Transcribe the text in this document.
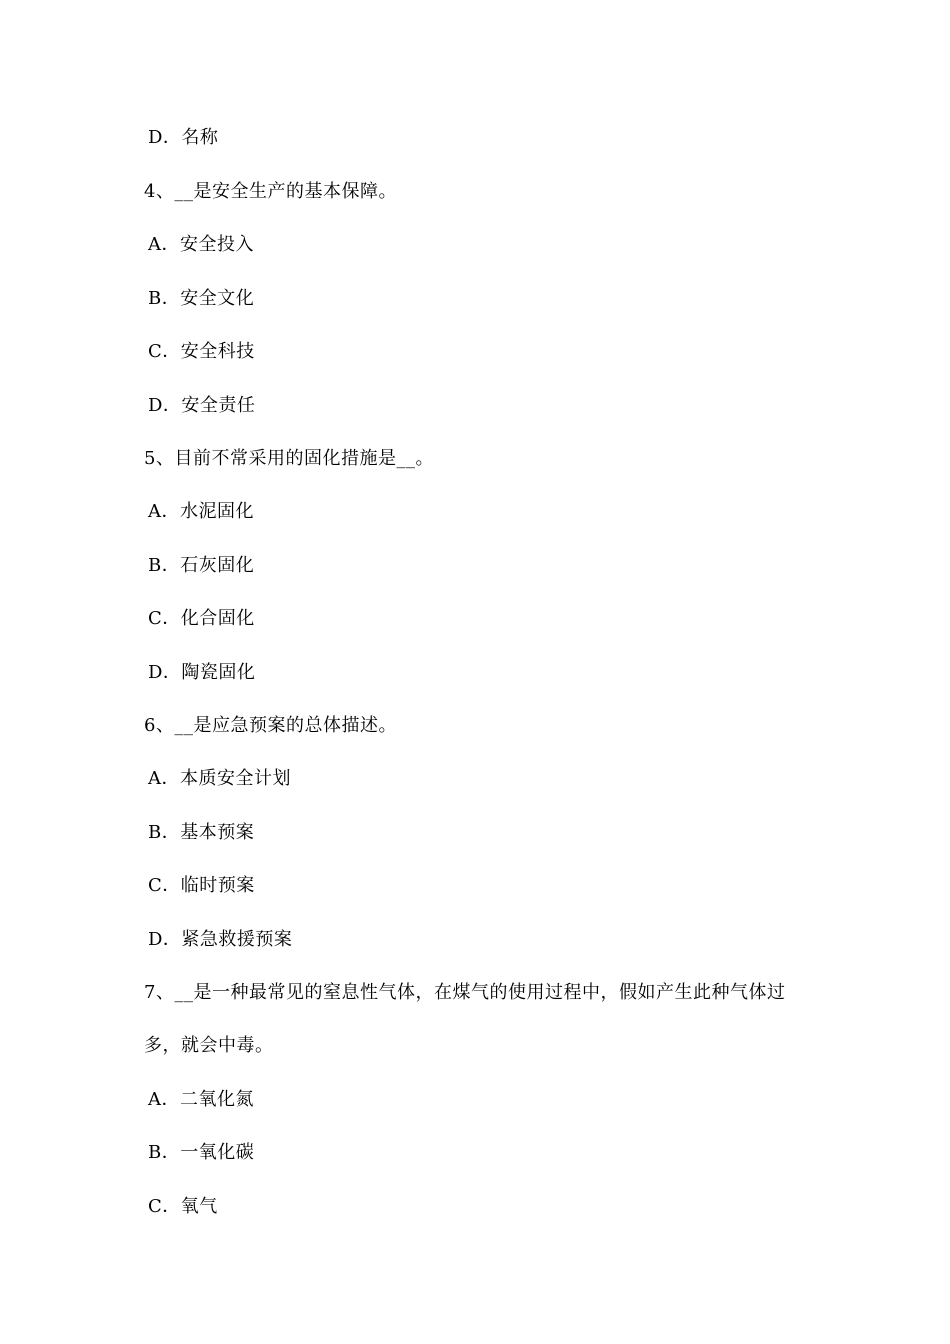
D．名称
4、__是安全生产的基本保障。
A．安全投入
B．安全文化
C．安全科技
D．安全责任
5、目前不常采用的固化措施是__。
A．水泥固化
B．石灰固化
C．化合固化
D．陶瓷固化
6、__是应急预案的总体描述。
A．本质安全计划
B．基本预案
C．临时预案
D．紧急救援预案
7、__是一种最常见的窒息性气体，在煤气的使用过程中，假如产生此种气体过
多，就会中毒。
A．二氧化氮
B．一氧化碳
C．氧气
